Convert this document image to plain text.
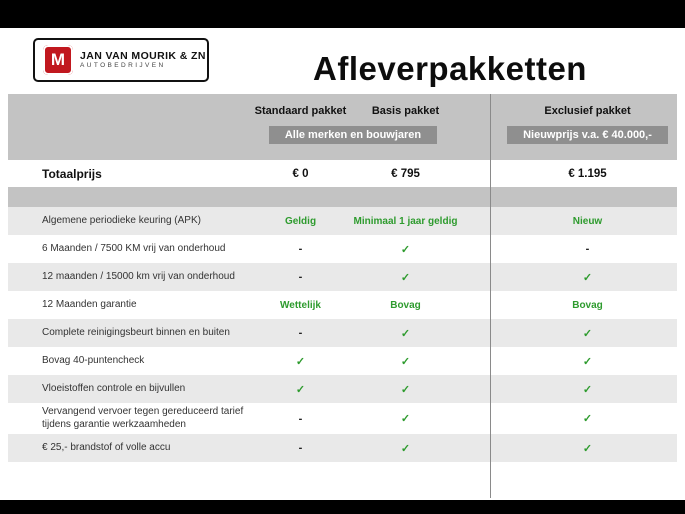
M	JAN VAN MOURIK & ZN
AUTOBEDRIJVEN	Afleverpakketten
Standaard pakket	Basis pakket	Exclusief pakket
Alle merken en bouwjaren	Nieuwprijs v.a. € 40.000,-
Totaalprijs	€ 0	€ 795	€ 1.195
Algemene periodieke keuring (APK)	Geldig	Minimaal 1 jaar geldig	Nieuw
6 Maanden / 7500 KM vrij van onderhoud	-	✓	-
12 maanden / 15000 km vrij van onderhoud	-	✓	✓
12 Maanden garantie	Wettelijk	Bovag	Bovag
Complete reinigingsbeurt binnen en buiten	-	✓	✓
Bovag 40-puntencheck	✓	✓	✓
Vloeistoffen controle en bijvullen	✓	✓	✓
Vervangend vervoer tegen gereduceerd tarief tijdens garantie werkzaamheden	-	✓	✓
€ 25,- brandstof of volle accu	-	✓	✓
